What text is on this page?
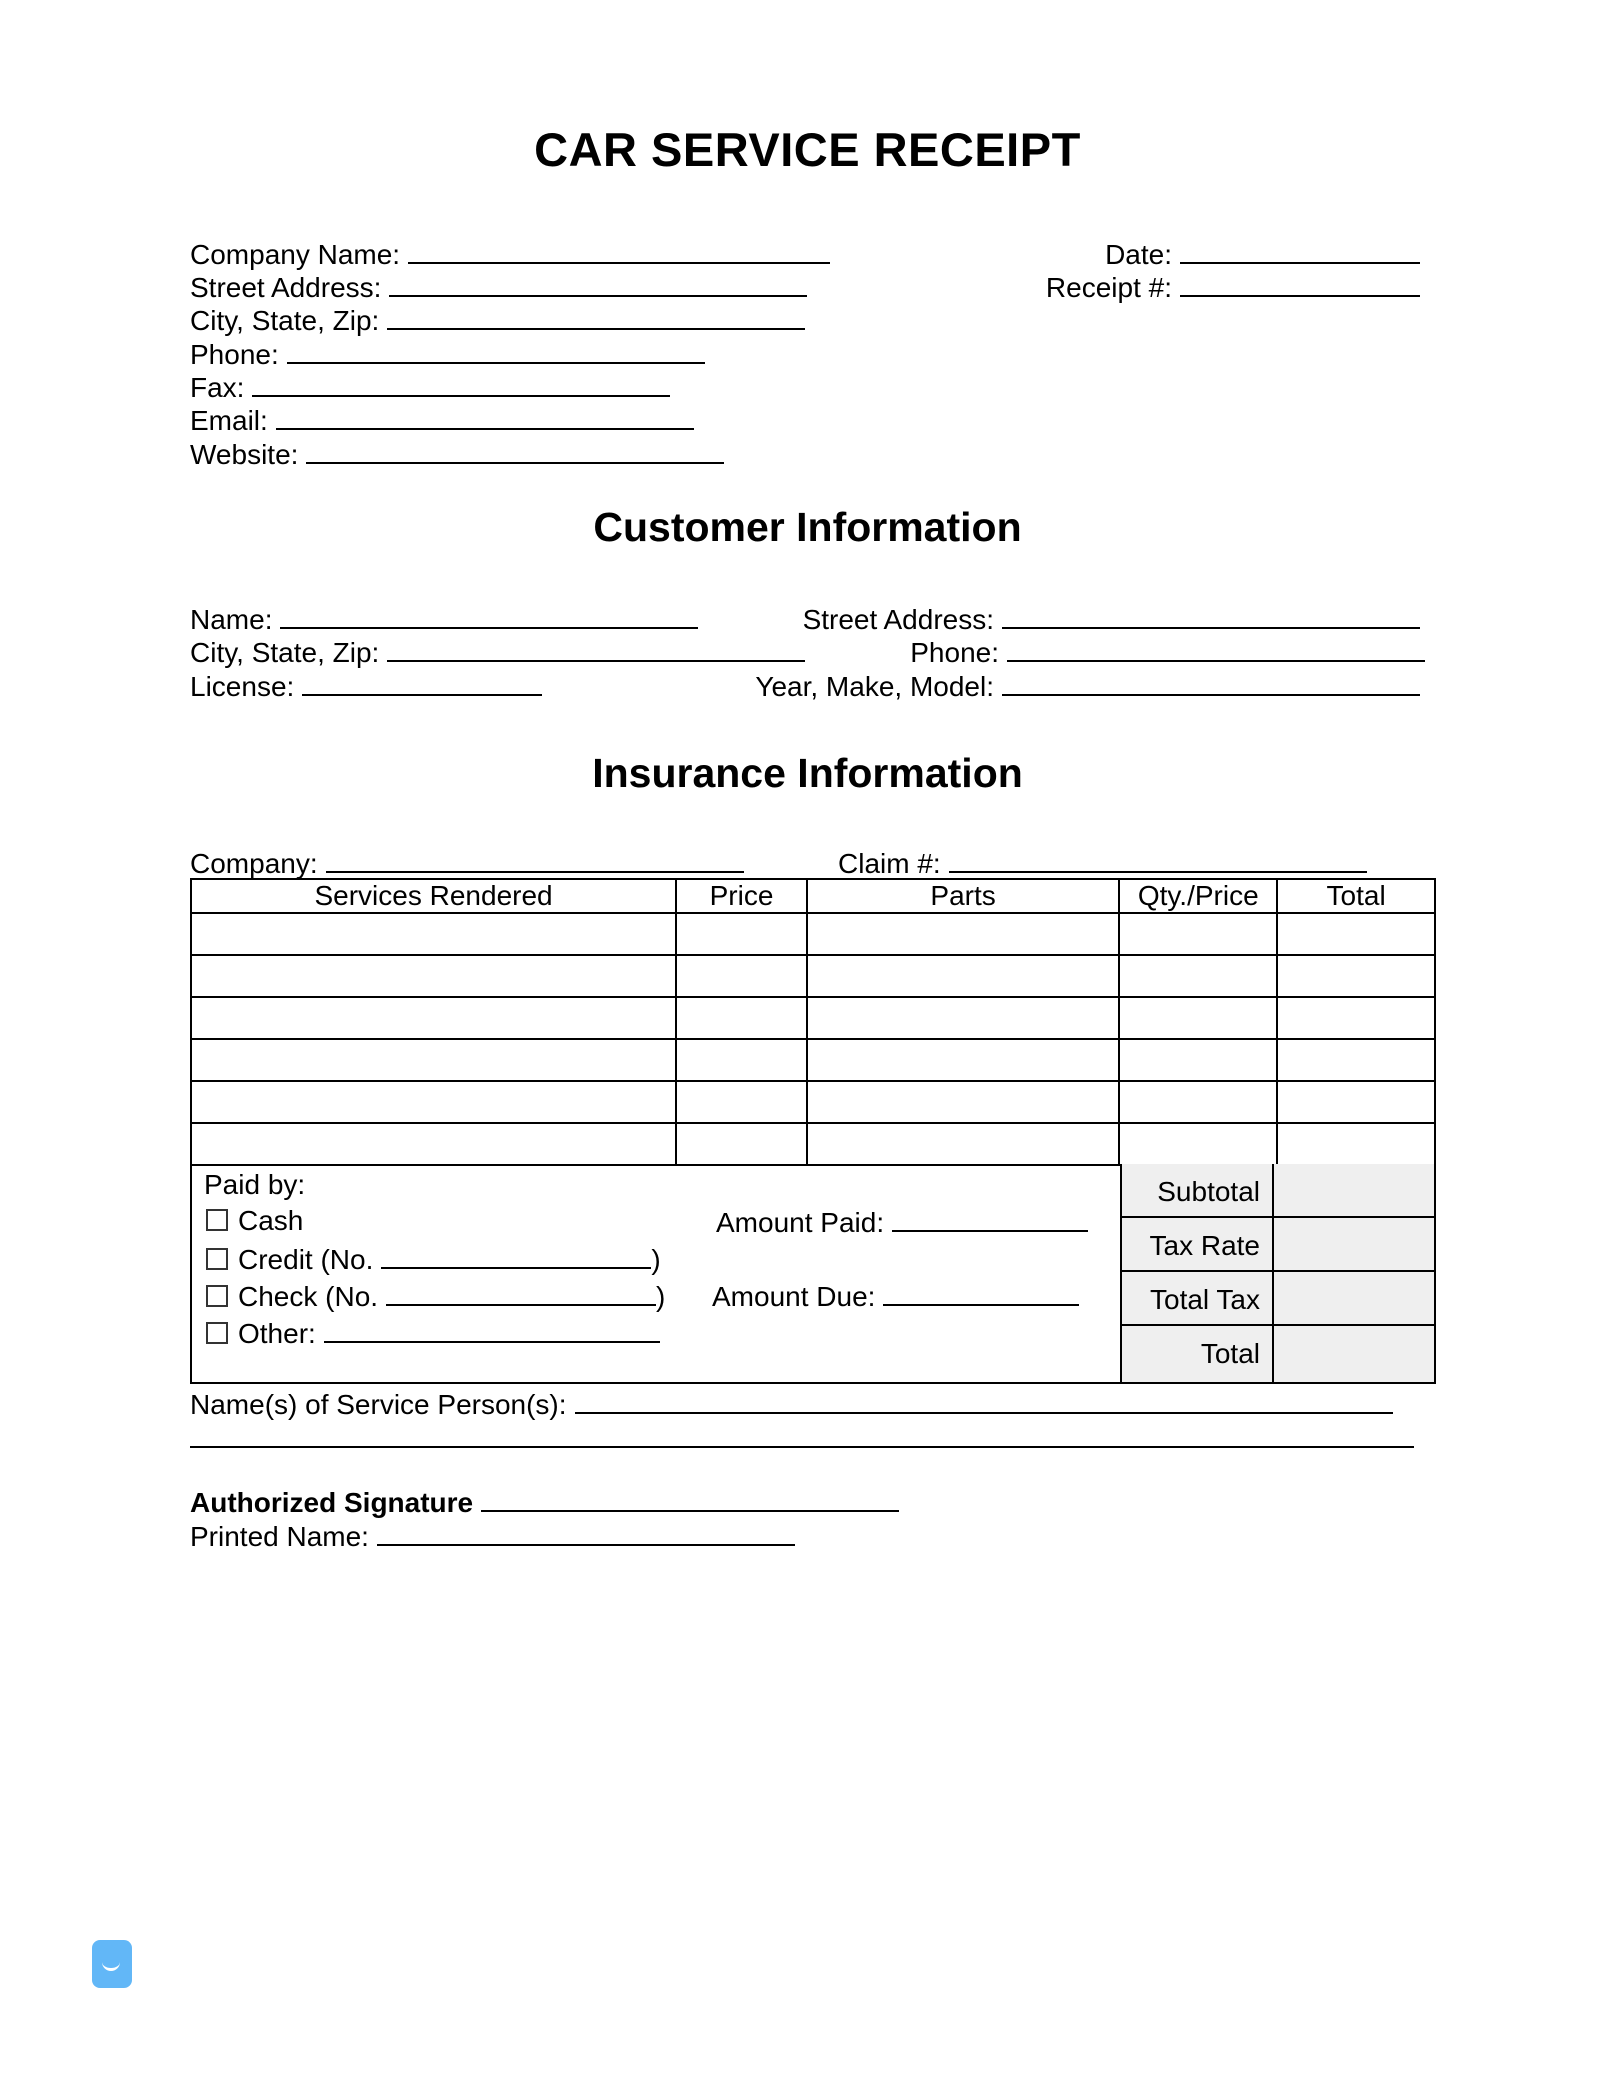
CAR SERVICE RECEIPT
Company Name:
Street Address:
City, State, Zip:
Phone:
Fax:
Email:
Website:
Date:
Receipt #:
Customer Information
Name:
City, State, Zip:
License:
Street Address:
Phone:
Year, Make, Model:
Insurance Information
Company:	Claim #:
Services Rendered	Price	Parts	Qty./Price	Total

Paid by:
Cash
Credit (No.	)
Check (No.	)
Other:
Amount Paid:
Amount Due:
Subtotal
Tax Rate
Total Tax
Total
Name(s) of Service Person(s):
Authorized Signature
Printed Name:
